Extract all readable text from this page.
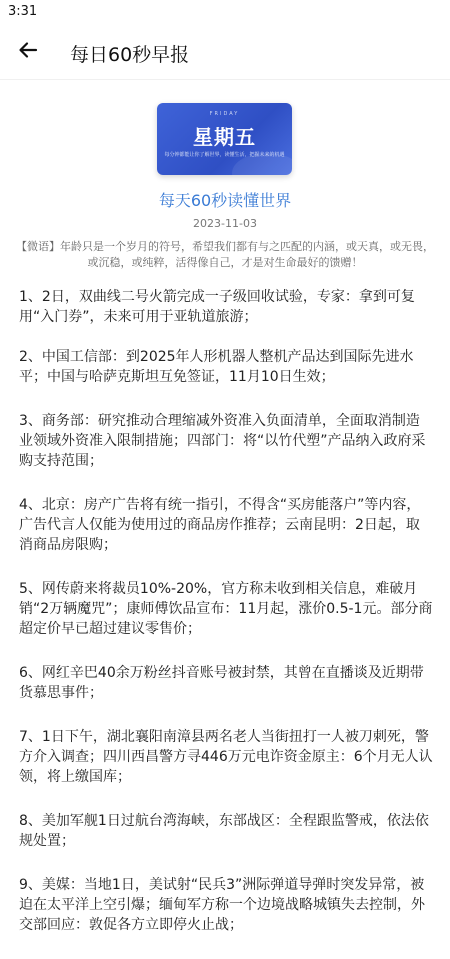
3:31
每日60秒早报
FRIDAY
星期五
每分钟都能让你了解世界，读懂生活，把握未来的机遇
每天60秒读懂世界
2023-11-03
【微语】年龄只是一个岁月的符号，希望我们都有与之匹配的内涵，或天真，或无畏，或沉稳，或纯粹，活得像自己，才是对生命最好的馈赠！

1、2日，双曲线二号火箭完成一子级回收试验，专家：拿到可复用“入门券”，未来可用于亚轨道旅游；

2、中国工信部：到2025年人形机器人整机产品达到国际先进水平；中国与哈萨克斯坦互免签证，11月10日生效；

3、商务部：研究推动合理缩减外资准入负面清单，全面取消制造业领域外资准入限制措施；四部门：将“以竹代塑”产品纳入政府采购支持范围；

4、北京：房产广告将有统一指引，不得含“买房能落户”等内容，广告代言人仅能为使用过的商品房作推荐；云南昆明：2日起，取消商品房限购；

5、网传蔚来将裁员10%-20%，官方称未收到相关信息，难破月销“2万辆魔咒”；康师傅饮品宣布：11月起，涨价0.5-1元。部分商超定价早已超过建议零售价；

6、网红辛巴40余万粉丝抖音账号被封禁，其曾在直播谈及近期带货慕思事件；

7、1日下午，湖北襄阳南漳县两名老人当街扭打一人被刀刺死，警方介入调查；四川西昌警方寻446万元电诈资金原主：6个月无人认领，将上缴国库；

8、美加军舰1日过航台湾海峡，东部战区：全程跟监警戒，依法依规处置；

9、美媒：当地1日，美试射“民兵3”洲际弹道导弹时突发异常，被迫在太平洋上空引爆；缅甸军方称一个边境战略城镇失去控制，外交部回应：敦促各方立即停火止战；
